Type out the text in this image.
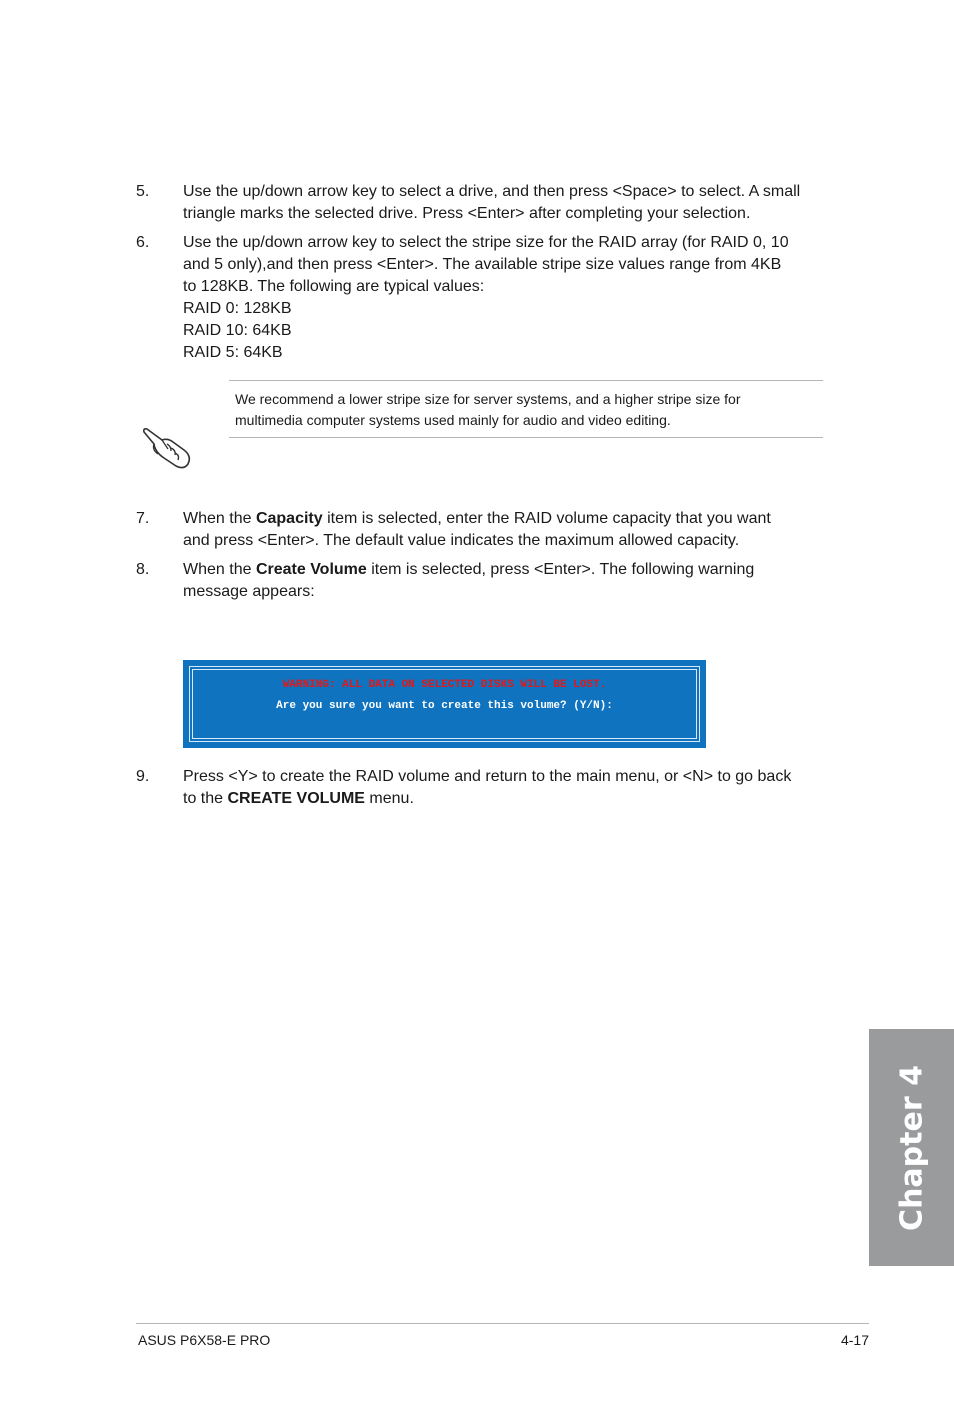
5. Use the up/down arrow key to select a drive, and then press <Space> to select. A small

triangle marks the selected drive. Press <Enter> after completing your selection.

6. Use the up/down arrow key to select the stripe size for the RAID array (for RAID 0, 10

and 5 only),and then press <Enter>. The available stripe size values range from 4KB

to 128KB. The following are typical values:

RAID 0: 128KB

RAID 10: 64KB

RAID 5: 64KB

We recommend a lower stripe size for server systems, and a higher stripe size for
multimedia computer systems used mainly for audio and video editing.
7. When the Capacity item is selected, enter the RAID volume capacity that you want

and press <Enter>. The default value indicates the maximum allowed capacity.

8. When the Create Volume item is selected, press <Enter>. The following warning

message appears:

WARNING: ALL DATA ON SELECTED DISKS WILL BE LOST.
Are you sure you want to create this volume? (Y/N):
9. Press <Y> to create the RAID volume and return to the main menu, or <N> to go back

to the CREATE VOLUME menu.

Chapter 4
ASUS P6X58-E PRO	4-17
